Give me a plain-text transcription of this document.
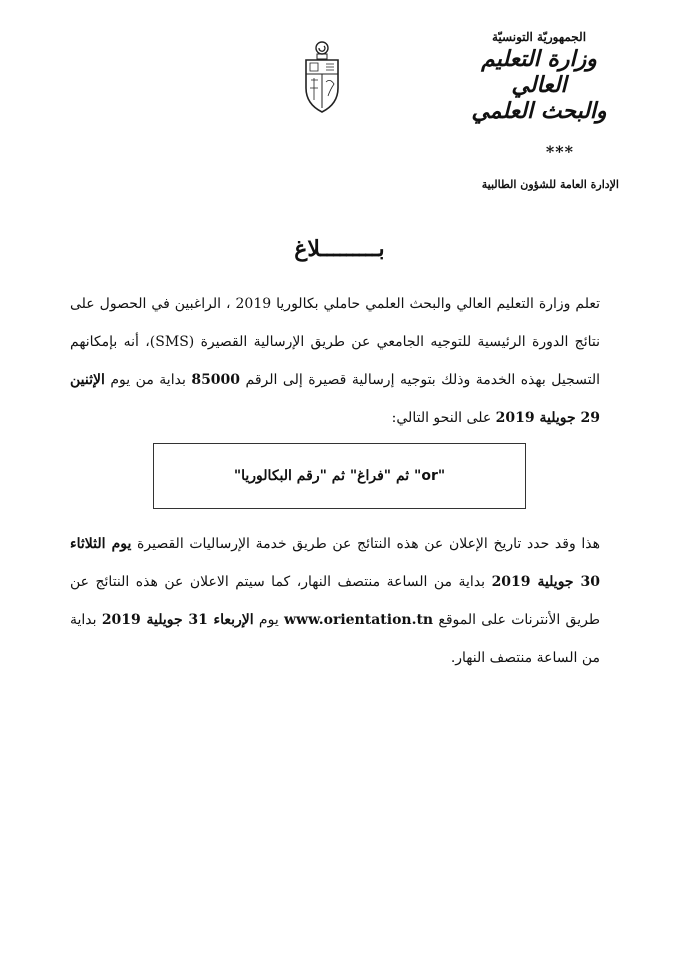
الجمهوريّة التونسيّة
وزارة التعليم العالي
والبحث العلمي
***
الإدارة العامة للشؤون الطالبية
بـــــــــلاغ
تعلم وزارة التعليم العالي والبحث العلمي حاملي بكالوريا 2019 ، الراغبين في الحصول على نتائج الدورة الرئيسية للتوجيه الجامعي عن طريق الإرسالية القصيرة (SMS)، أنه بإمكانهم التسجيل بهذه الخدمة وذلك بتوجيه إرسالية قصيرة إلى الرقم 85000 بداية من يوم الإثنين 29 جويلية 2019 على النحو التالي:
"
or
" ثم "فراغ" ثم "رقم البكالوريا"
هذا وقد حدد تاريخ الإعلان عن هذه النتائج عن طريق خدمة الإرساليات القصيرة يوم الثلاثاء 30 جويلية 2019 بداية من الساعة منتصف النهار، كما سيتم الاعلان عن هذه النتائج عن طريق الأنترنات على الموقع www.orientation.tn يوم الإربعاء 31 جويلية 2019 بداية من الساعة منتصف النهار.
